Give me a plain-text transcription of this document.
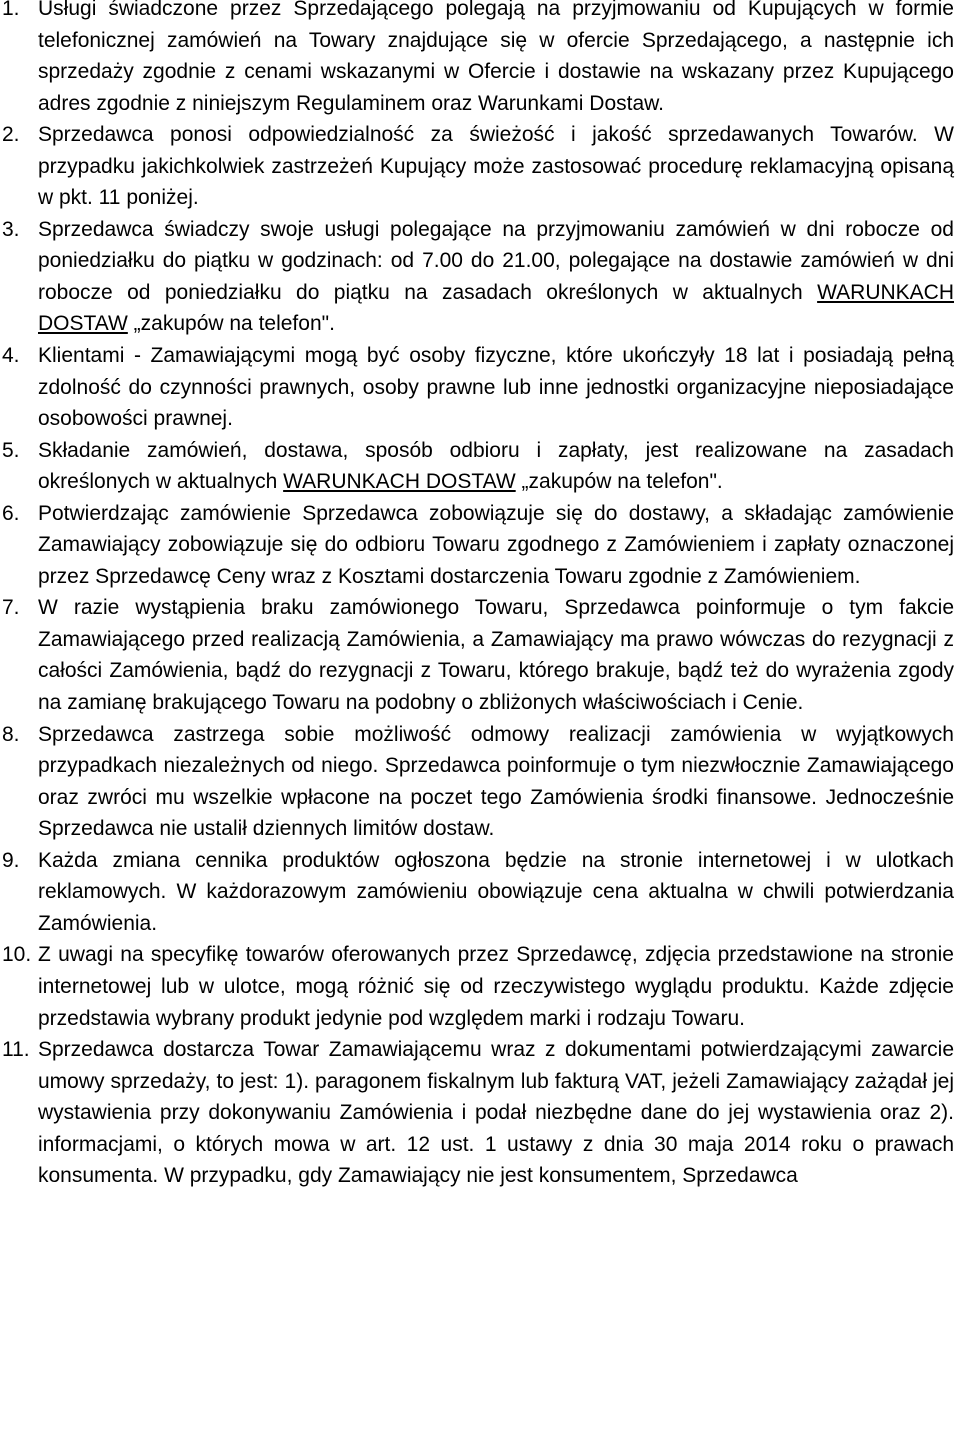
1. Usługi świadczone przez Sprzedającego polegają na przyjmowaniu od Kupujących w formie telefonicznej zamówień na Towary znajdujące się w ofercie Sprzedającego, a następnie ich sprzedaży zgodnie z cenami wskazanymi w Ofercie i dostawie na wskazany przez Kupującego adres zgodnie z niniejszym Regulaminem oraz Warunkami Dostaw.
2. Sprzedawca ponosi odpowiedzialność za świeżość i jakość sprzedawanych Towarów. W przypadku jakichkolwiek zastrzeżeń Kupujący może zastosować procedurę reklamacyjną opisaną w pkt. 11 poniżej.
3. Sprzedawca świadczy swoje usługi polegające na przyjmowaniu zamówień w dni robocze od poniedziałku do piątku w godzinach: od 7.00 do 21.00, polegające na dostawie zamówień w dni robocze od poniedziałku do piątku na zasadach określonych w aktualnych WARUNKACH DOSTAW „zakupów na telefon".
4. Klientami - Zamawiającymi mogą być osoby fizyczne, które ukończyły 18 lat i posiadają pełną zdolność do czynności prawnych, osoby prawne lub inne jednostki organizacyjne nieposiadające osobowości prawnej.
5. Składanie zamówień, dostawa, sposób odbioru i zapłaty, jest realizowane na zasadach określonych w aktualnych WARUNKACH DOSTAW „zakupów na telefon".
6. Potwierdzając zamówienie Sprzedawca zobowiązuje się do dostawy, a składając zamówienie Zamawiający zobowiązuje się do odbioru Towaru zgodnego z Zamówieniem i zapłaty oznaczonej przez Sprzedawcę Ceny wraz z Kosztami dostarczenia Towaru zgodnie z Zamówieniem.
7. W razie wystąpienia braku zamówionego Towaru, Sprzedawca poinformuje o tym fakcie Zamawiającego przed realizacją Zamówienia, a Zamawiający ma prawo wówczas do rezygnacji z całości Zamówienia, bądź do rezygnacji z Towaru, którego brakuje, bądź też do wyrażenia zgody na zamianę brakującego Towaru na podobny o zbliżonych właściwościach i Cenie.
8. Sprzedawca zastrzega sobie możliwość odmowy realizacji zamówienia w wyjątkowych przypadkach niezależnych od niego. Sprzedawca poinformuje o tym niezwłocznie Zamawiającego oraz zwróci mu wszelkie wpłacone na poczet tego Zamówienia środki finansowe. Jednocześnie Sprzedawca nie ustalił dziennych limitów dostaw.
9. Każda zmiana cennika produktów ogłoszona będzie na stronie internetowej i w ulotkach reklamowych. W każdorazowym zamówieniu obowiązuje cena aktualna w chwili potwierdzania Zamówienia.
10. Z uwagi na specyfikę towarów oferowanych przez Sprzedawcę, zdjęcia przedstawione na stronie internetowej lub w ulotce, mogą różnić się od rzeczywistego wyglądu produktu. Każde zdjęcie przedstawia wybrany produkt jedynie pod względem marki i rodzaju Towaru.
11. Sprzedawca dostarcza Towar Zamawiającemu wraz z dokumentami potwierdzającymi zawarcie umowy sprzedaży, to jest: 1). paragonem fiskalnym lub fakturą VAT, jeżeli Zamawiający zażądał jej wystawienia przy dokonywaniu Zamówienia i podał niezbędne dane do jej wystawienia oraz 2). informacjami, o których mowa w art. 12 ust. 1 ustawy z dnia 30 maja 2014 roku o prawach konsumenta. W przypadku, gdy Zamawiający nie jest konsumentem, Sprzedawca
